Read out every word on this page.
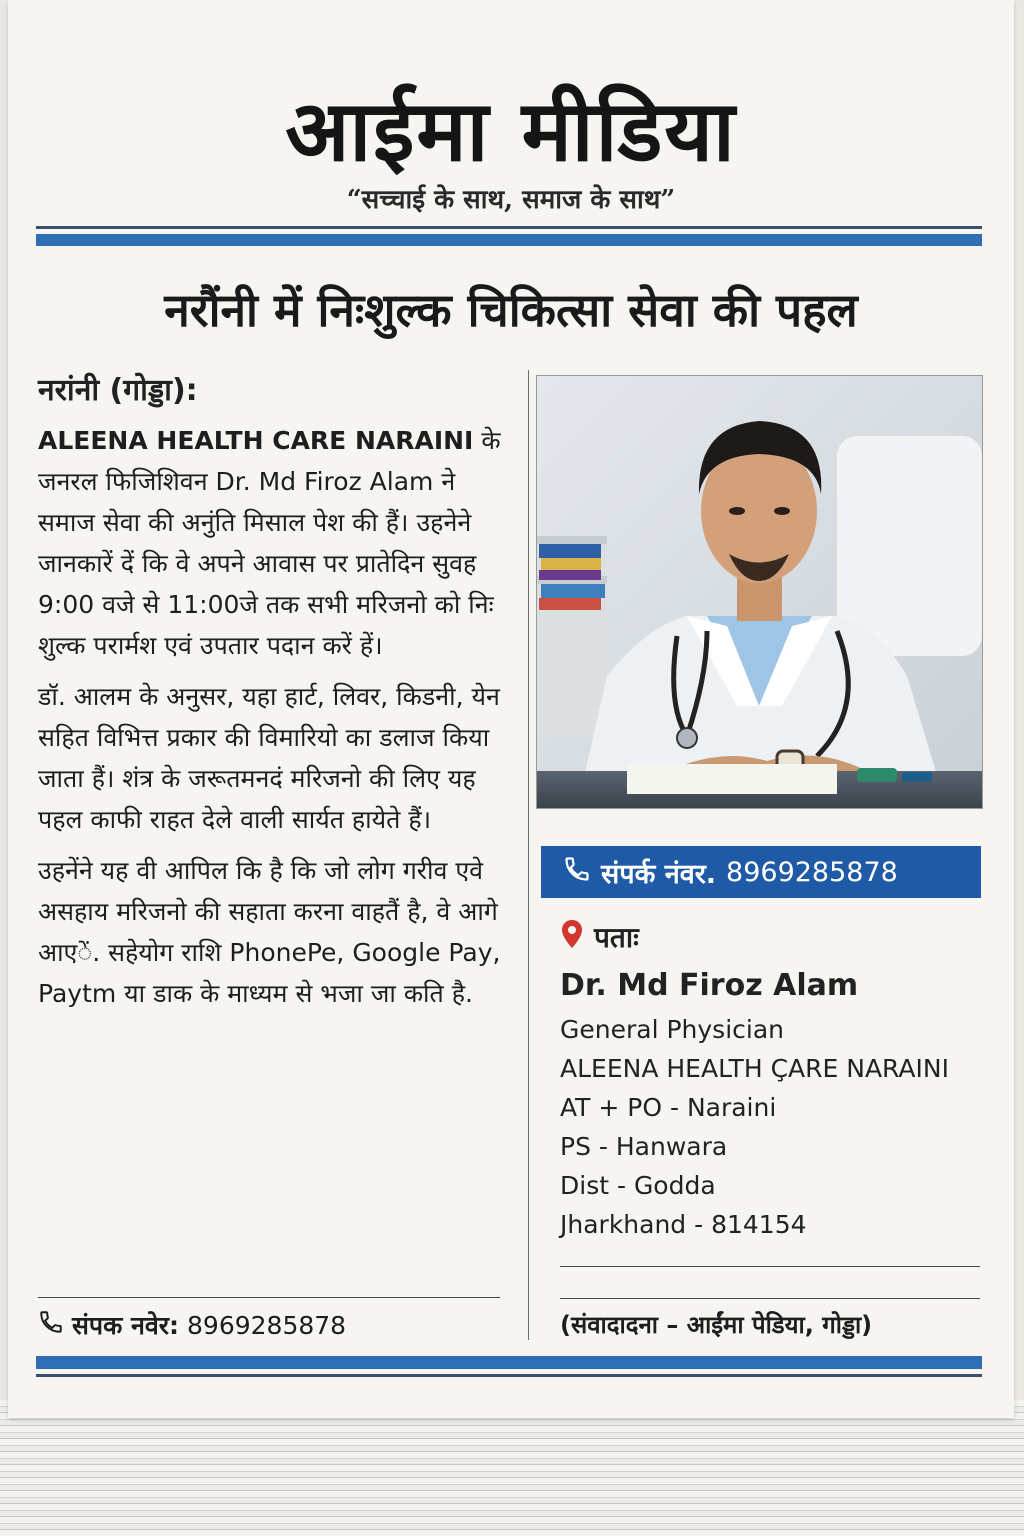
आईमा मीडिया
“सच्चाई के साथ, समाज के साथ”
नरौंनी में निःशुल्क चिकित्सा सेवा की पहल
नरांनी (गोड्डा):

ALEENA HEALTH CARE NARAINI के जनरल फिजिशिवन Dr. Md Firoz Alam ने समाज सेवा की अनुंति मिसाल पेश की हैं। उहनेने जानकारें दें कि वे अपने आवास पर प्रातेदिन सुवह 9:00 वजे से 11:00जे तक सभी मरिजनो को निः शुल्क परार्मश एवं उपतार पदान करें हें।

डॉ. आलम के अनुसर, यहा हार्ट, लिवर, किडनी, येन सहित विभित्त प्रकार की विमारियो का डलाज किया जाता हैं। शंत्र के जरूतमनदं मरिजनो की लिए यह पहल काफी राहत देले वाली सार्यत हायेते हैं।

उहनेंने यह वी आपिल कि है कि जो लोग गरीव एवे असहाय मरिजनो की सहाता करना वाहतैं है, वे आगे आएें. सहेयोग राशि PhonePe, Google Pay, Paytm या डाक के माध्यम से भजा जा कति है.

संपक नवेर: 8969285878
संपर्क नंवर. 8969285878
पताः
Dr. Md Firoz Alam
General Physician
ALEENA HEALTH ÇARE NARAINI
AT + PO - Naraini
PS - Hanwara
Dist - Godda
Jharkhand - 814154
(संवादादना – आईंमा पेडिया, गोड्डा)
